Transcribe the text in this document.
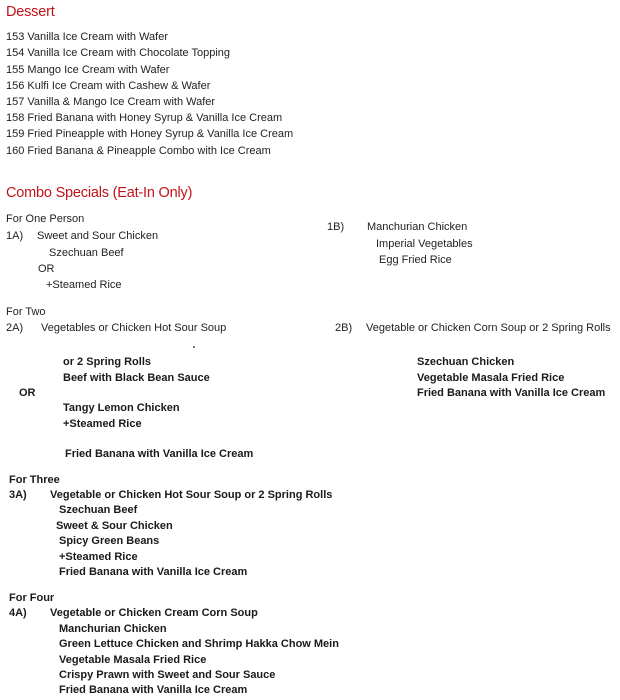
Dessert

153 Vanilla Ice Cream with Wafer

154 Vanilla Ice Cream with Chocolate Topping

155 Mango Ice Cream with Wafer

156 Kulfi Ice Cream with Cashew & Wafer

157 Vanilla & Mango Ice Cream with Wafer

158 Fried Banana with Honey Syrup & Vanilla Ice Cream

159 Fried Pineapple with Honey Syrup & Vanilla Ice Cream

160 Fried Banana & Pineapple Combo with Ice Cream

Combo Specials (Eat-In Only)

For One Person

1A) Sweet and Sour Chicken

Szechuan Beef

OR

+Steamed Rice

1B) Manchurian Chicken

Imperial Vegetables

Egg Fried Rice

For Two

2A) Vegetables or Chicken Hot Sour Soup

or 2 Spring Rolls

Beef with Black Bean Sauce

OR

Tangy Lemon Chicken

+Steamed Rice

Fried Banana with Vanilla Ice Cream

2B) Vegetable or Chicken Corn Soup or 2 Spring Rolls

Szechuan Chicken

Vegetable Masala Fried Rice

Fried Banana with Vanilla Ice Cream

For Three

3A) Vegetable or Chicken Hot Sour Soup or 2 Spring Rolls

Szechuan Beef

Sweet & Sour Chicken

Spicy Green Beans

+Steamed Rice

Fried Banana with Vanilla Ice Cream

For Four

4A) Vegetable or Chicken Cream Corn Soup

Manchurian Chicken

Green Lettuce Chicken and Shrimp Hakka Chow Mein

Vegetable Masala Fried Rice

Crispy Prawn with Sweet and Sour Sauce

Fried Banana with Vanilla Ice Cream
